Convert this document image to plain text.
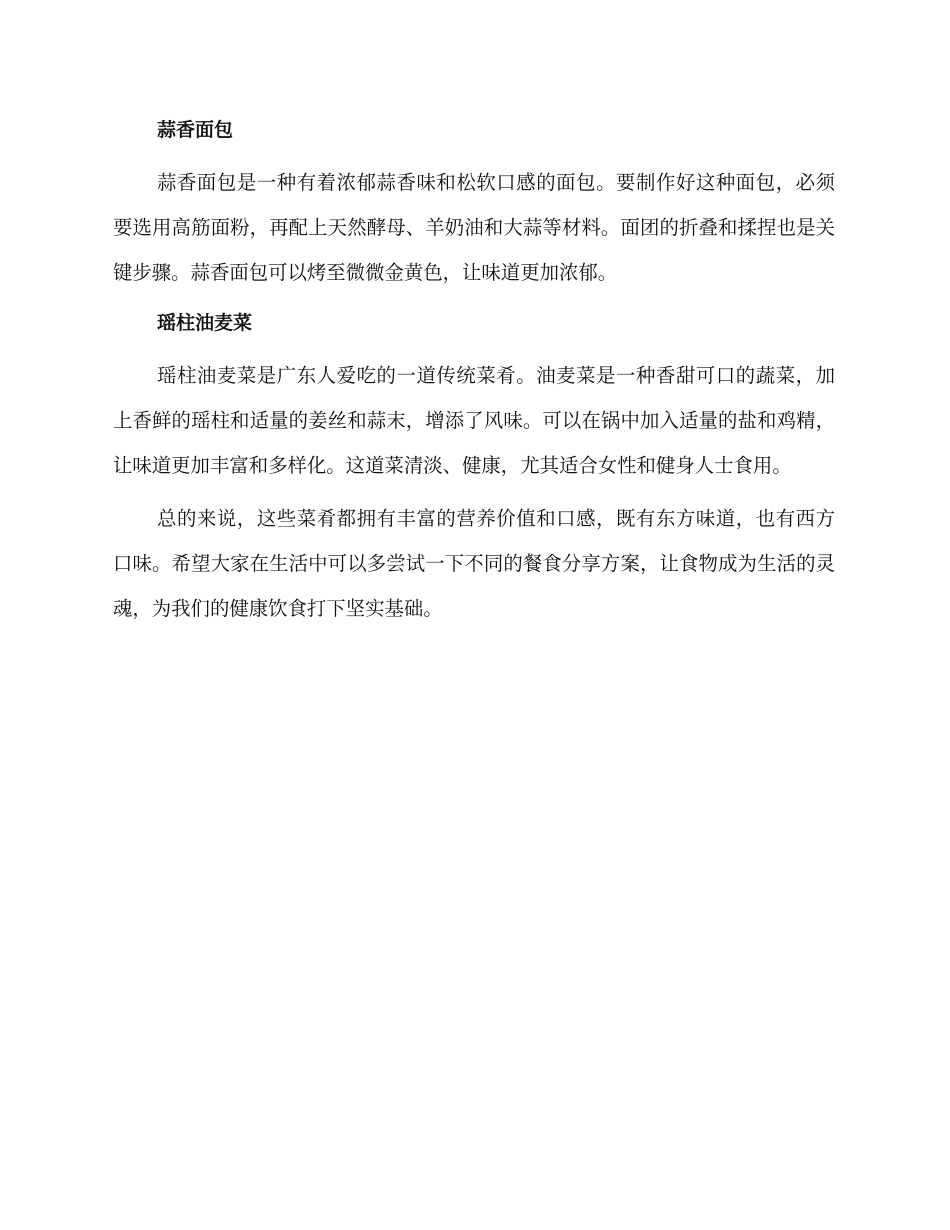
蒜香面包

蒜香面包是一种有着浓郁蒜香味和松软口感的面包。要制作好这种面包，必须要选用高筋面粉，再配上天然酵母、羊奶油和大蒜等材料。面团的折叠和揉捏也是关键步骤。蒜香面包可以烤至微微金黄色，让味道更加浓郁。

瑶柱油麦菜

瑶柱油麦菜是广东人爱吃的一道传统菜肴。油麦菜是一种香甜可口的蔬菜，加上香鲜的瑶柱和适量的姜丝和蒜末，增添了风味。可以在锅中加入适量的盐和鸡精，让味道更加丰富和多样化。这道菜清淡、健康，尤其适合女性和健身人士食用。

总的来说，这些菜肴都拥有丰富的营养价值和口感，既有东方味道，也有西方口味。希望大家在生活中可以多尝试一下不同的餐食分享方案，让食物成为生活的灵魂，为我们的健康饮食打下坚实基础。
